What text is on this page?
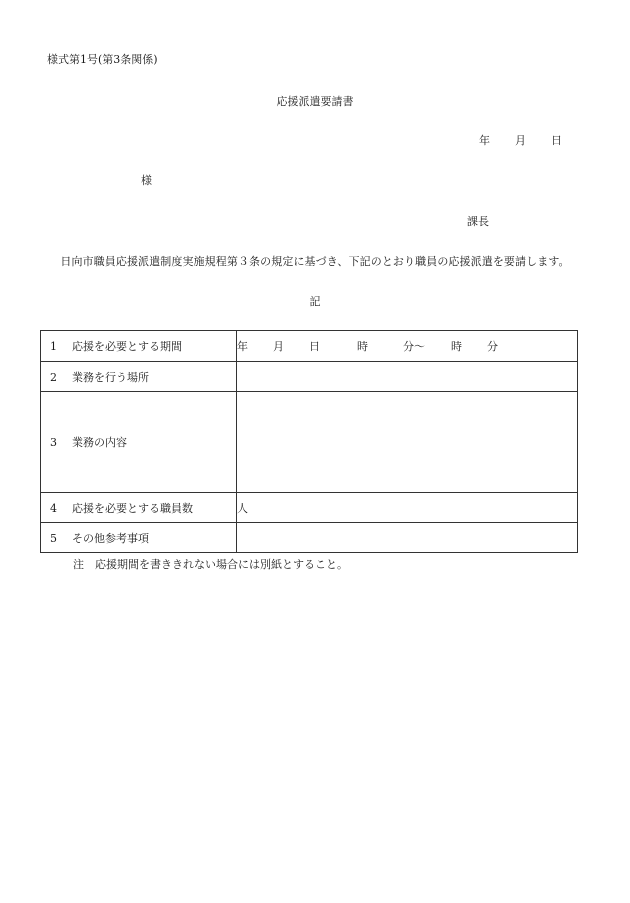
様式第1号(第3条関係)
応援派遣要請書
年 月 日
様
課長
日向市職員応援派遣制度実施規程第３条の規定に基づき、下記のとおり職員の応援派遣を要請します。
記
1 応援を必要とする期間	年 月 日 時 分〜 時 分
2 業務を行う場所	
3 業務の内容	
4 応援を必要とする職員数	人
5 その他参考事項	
注　応援期間を書ききれない場合には別紙とすること。
